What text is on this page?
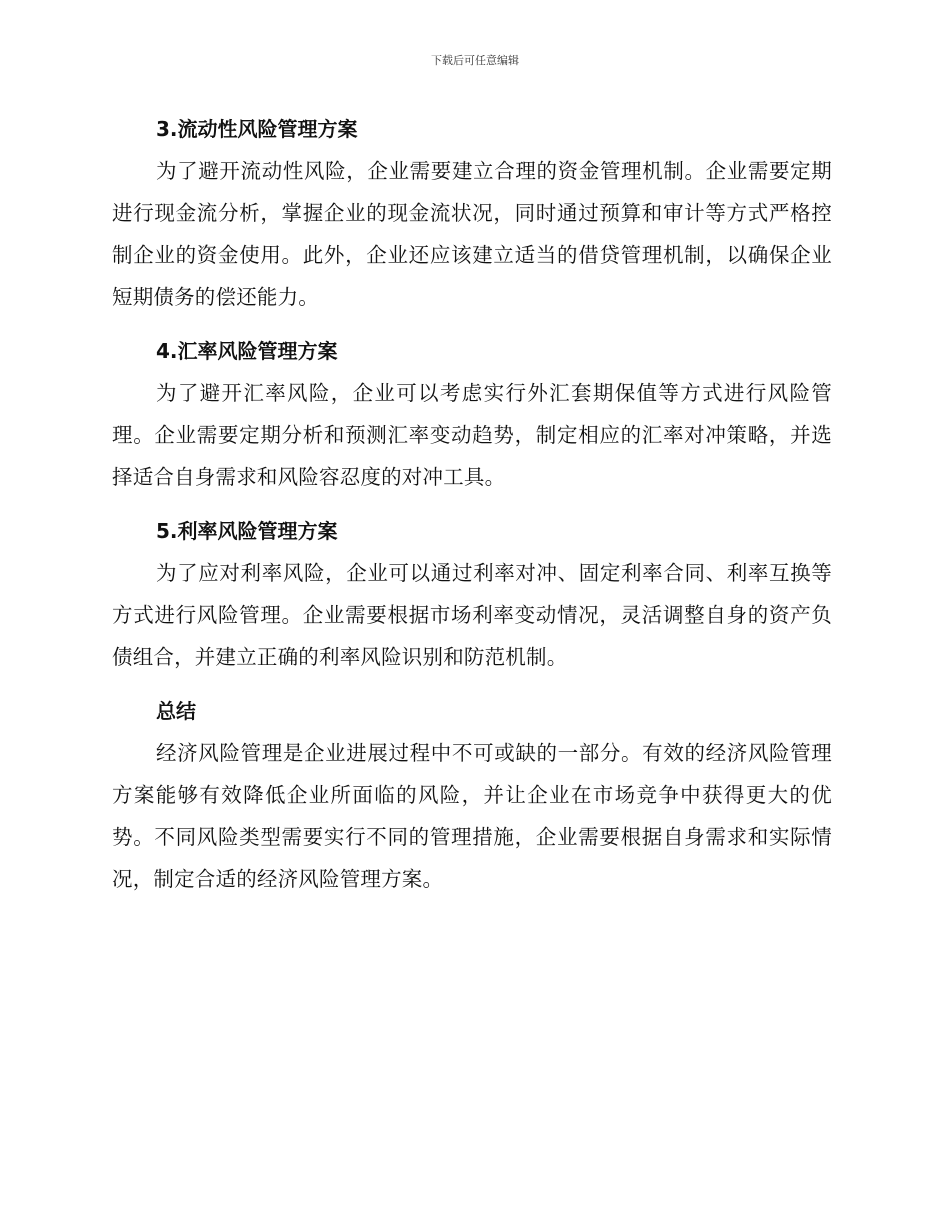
下载后可任意编辑
3.流动性风险管理方案

为了避开流动性风险，企业需要建立合理的资金管理机制。企业需要定期进行现金流分析，掌握企业的现金流状况，同时通过预算和审计等方式严格控制企业的资金使用。此外，企业还应该建立适当的借贷管理机制，以确保企业短期债务的偿还能力。

4.汇率风险管理方案

为了避开汇率风险，企业可以考虑实行外汇套期保值等方式进行风险管理。企业需要定期分析和预测汇率变动趋势，制定相应的汇率对冲策略，并选择适合自身需求和风险容忍度的对冲工具。

5.利率风险管理方案

为了应对利率风险，企业可以通过利率对冲、固定利率合同、利率互换等方式进行风险管理。企业需要根据市场利率变动情况，灵活调整自身的资产负债组合，并建立正确的利率风险识别和防范机制。

总结

经济风险管理是企业进展过程中不可或缺的一部分。有效的经济风险管理方案能够有效降低企业所面临的风险，并让企业在市场竞争中获得更大的优势。不同风险类型需要实行不同的管理措施，企业需要根据自身需求和实际情况，制定合适的经济风险管理方案。
